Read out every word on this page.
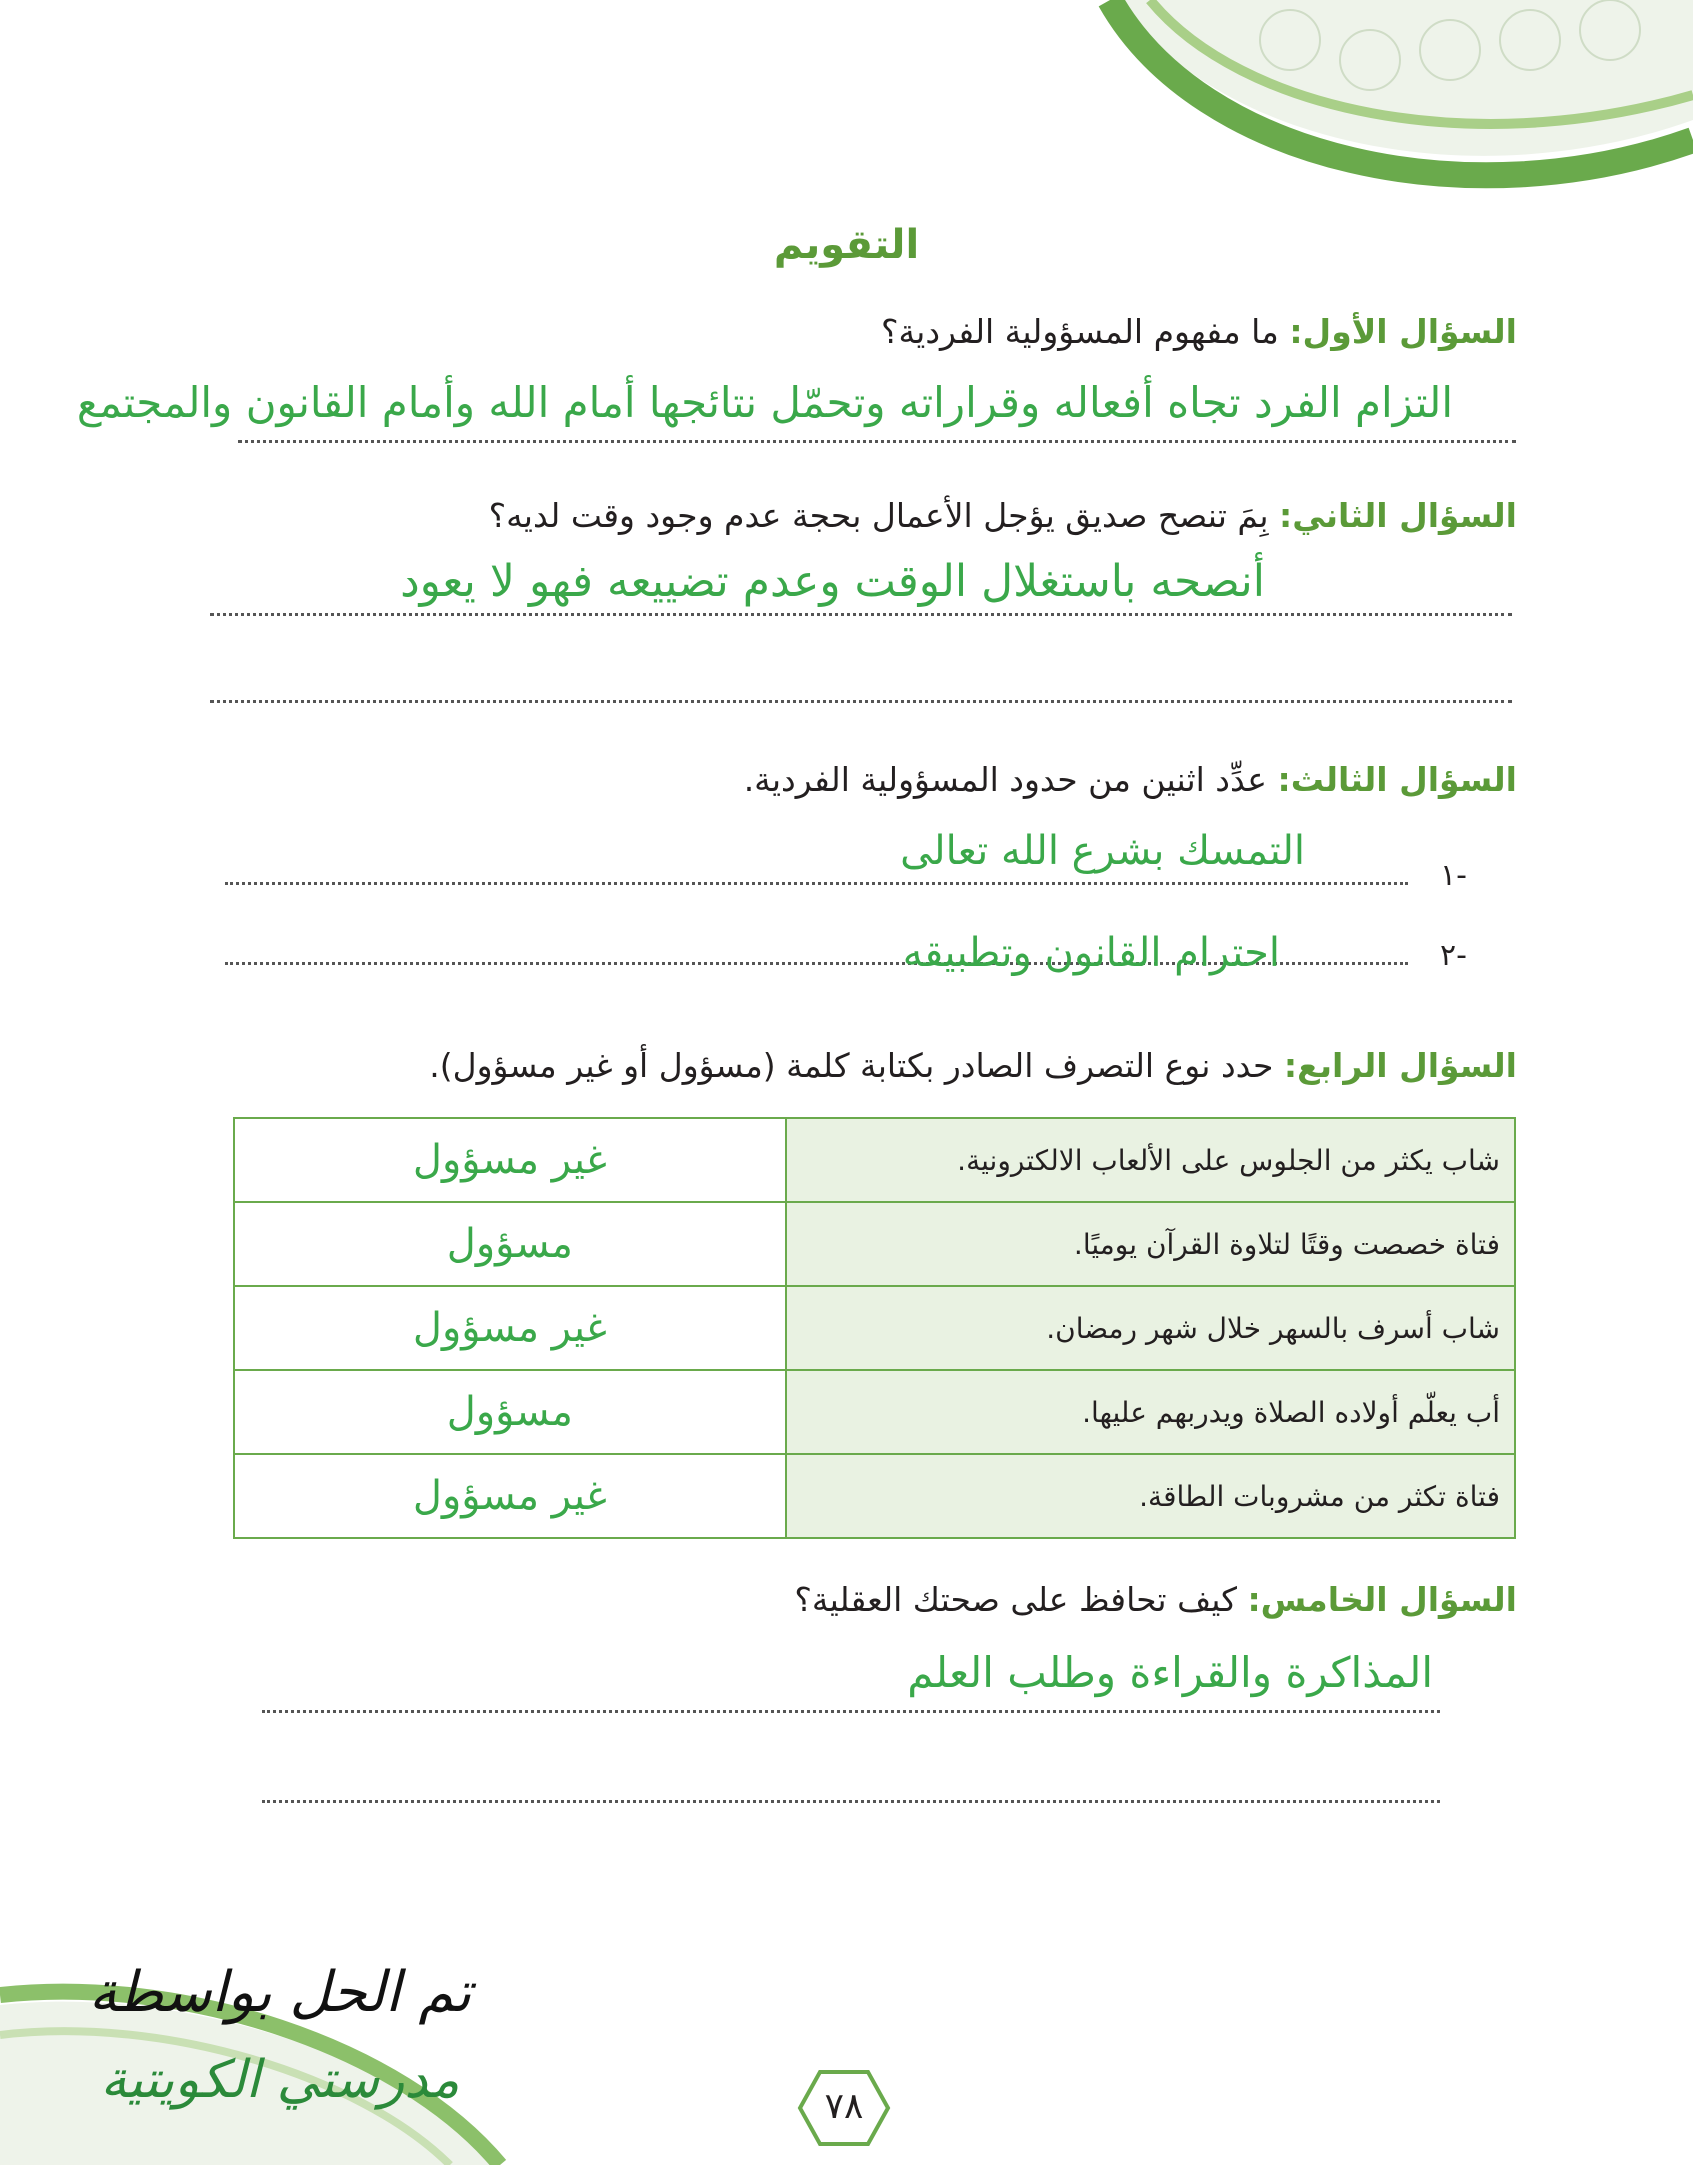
التقويم
السؤال الأول: ما مفهوم المسؤولية الفردية؟
التزام الفرد تجاه أفعاله وقراراته وتحمّل نتائجها أمام الله وأمام القانون والمجتمع
السؤال الثاني: بِمَ تنصح صديق يؤجل الأعمال بحجة عدم وجود وقت لديه؟
أنصحه باستغلال الوقت وعدم تضييعه فهو لا يعود
السؤال الثالث: عدِّد اثنين من حدود المسؤولية الفردية.
١-
التمسك بشرع الله تعالى
٢-
احترام القانون وتطبيقه
السؤال الرابع: حدد نوع التصرف الصادر بكتابة كلمة (مسؤول أو غير مسؤول).
غير مسؤول	شاب يكثر من الجلوس على الألعاب الالكترونية.
مسؤول	فتاة خصصت وقتًا لتلاوة القرآن يوميًا.
غير مسؤول	شاب أسرف بالسهر خلال شهر رمضان.
مسؤول	أب يعلّم أولاده الصلاة ويدربهم عليها.
غير مسؤول	فتاة تكثر من مشروبات الطاقة.
السؤال الخامس: كيف تحافظ على صحتك العقلية؟
المذاكرة والقراءة وطلب العلم
تم الحل بواسطة
مدرستي الكويتية	٧٨
